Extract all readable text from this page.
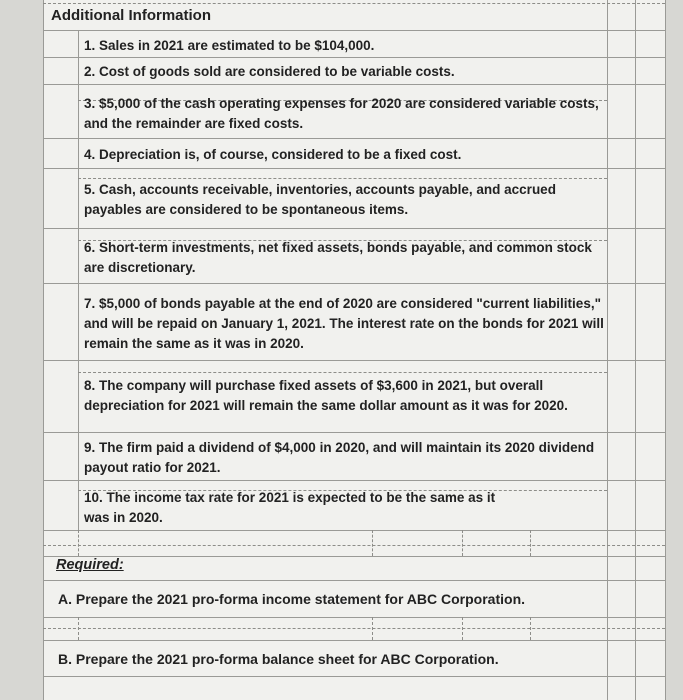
Additional Information
1. Sales in 2021 are estimated to be $104,000.
2. Cost of goods sold are considered to be variable costs.
3. $5,000 of the cash operating expenses for 2020 are considered variable costs, and the remainder are fixed costs.
4. Depreciation is, of course, considered to be a fixed cost.
5. Cash, accounts receivable, inventories, accounts payable, and accrued payables are considered to be spontaneous items.
6. Short-term investments, net fixed assets, bonds payable, and common stock are discretionary.
7. $5,000 of bonds payable at the end of 2020 are considered "current liabilities," and will be repaid on January 1, 2021. The interest rate on the bonds for 2021 will remain the same as it was in 2020.
8. The company will purchase fixed assets of $3,600 in 2021, but overall depreciation for 2021 will remain the same dollar amount as it was for 2020.
9. The firm paid a dividend of $4,000 in 2020, and will maintain its 2020 dividend payout ratio for 2021.
10. The income tax rate for 2021 is expected to be the same as it was in 2020.
Required:
A. Prepare the 2021 pro-forma income statement for ABC Corporation.
B. Prepare the 2021 pro-forma balance sheet for ABC Corporation.
